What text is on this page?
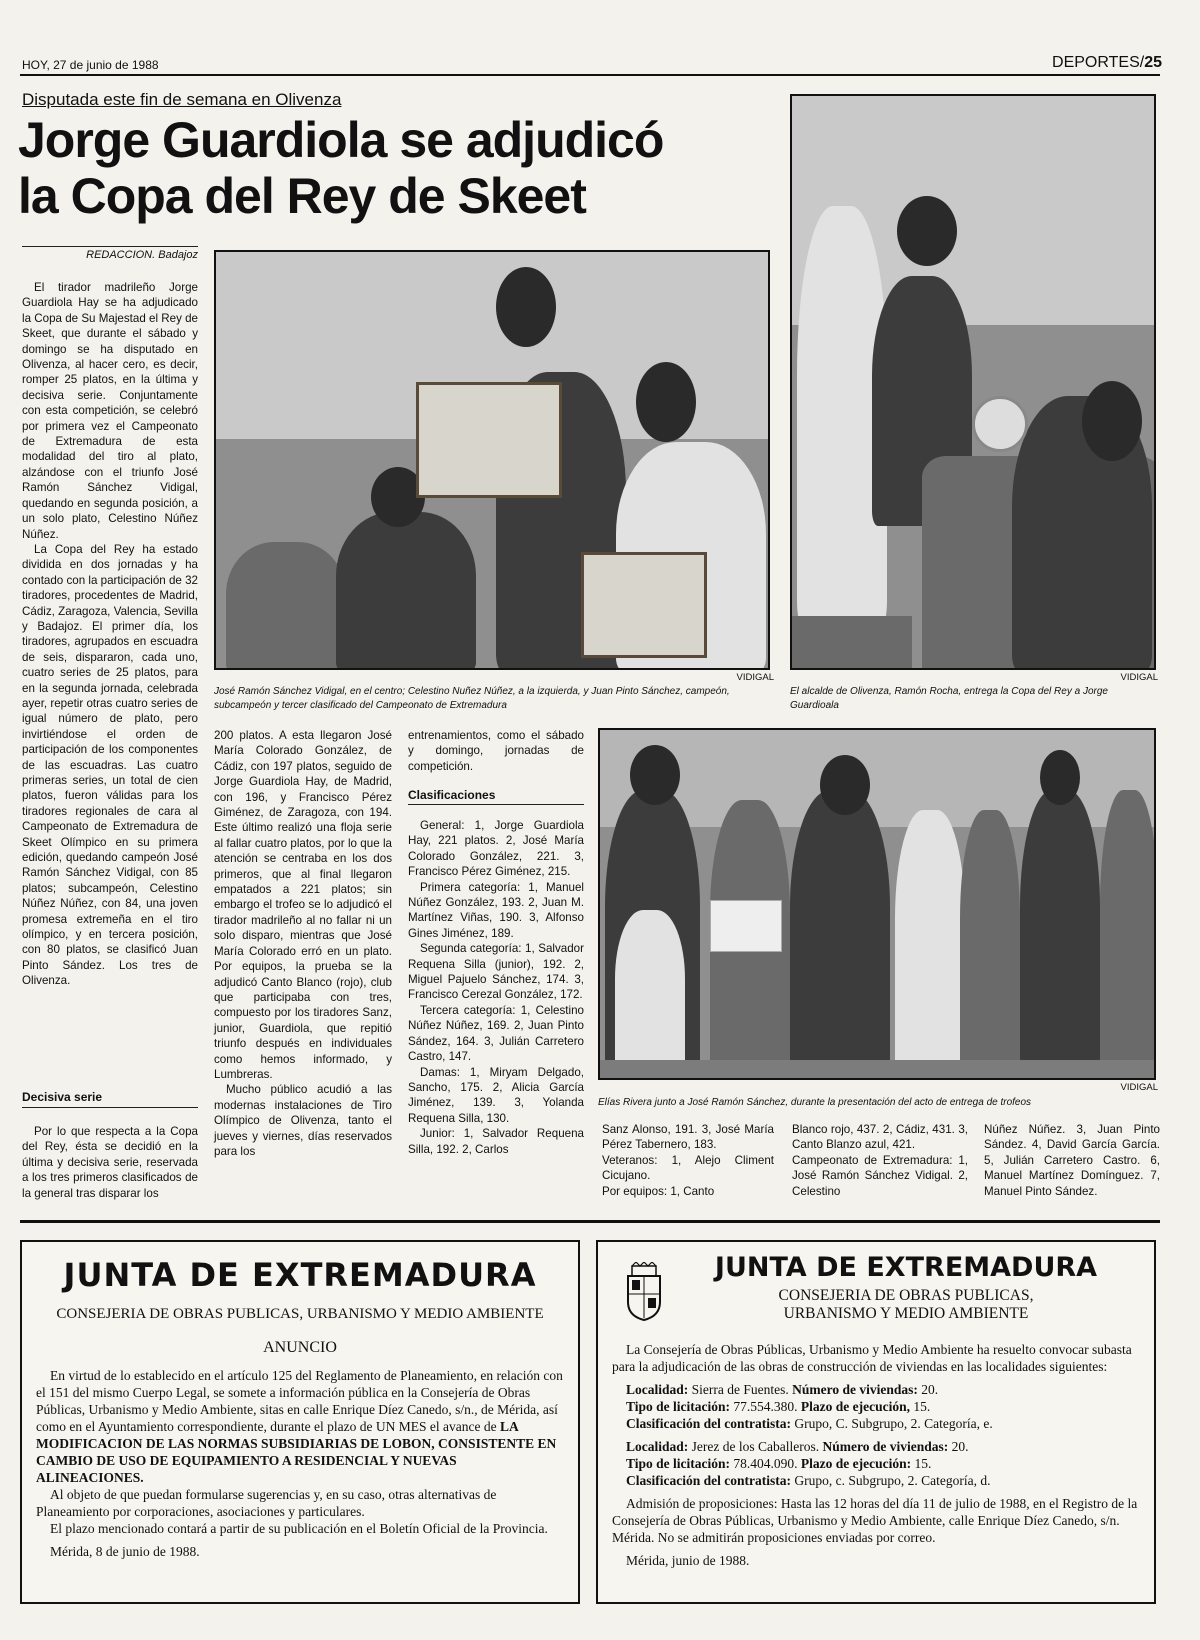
HOY, 27 de junio de 1988	DEPORTES/25
Disputada este fin de semana en Olivenza
Jorge Guardiola se adjudicó
la Copa del Rey de Skeet
REDACCION. Badajoz

El tirador madrileño Jorge Guardiola Hay se ha adjudicado la Copa de Su Majestad el Rey de Skeet, que durante el sábado y domingo se ha disputado en Olivenza, al hacer cero, es decir, romper 25 platos, en la última y decisiva serie. Conjuntamente con esta competición, se celebró por primera vez el Campeonato de Extremadura de esta modalidad del tiro al plato, alzándose con el triunfo José Ramón Sánchez Vidigal, quedando en segunda posición, a un solo plato, Celestino Núñez Núñez.

La Copa del Rey ha estado dividida en dos jornadas y ha contado con la participación de 32 tiradores, procedentes de Madrid, Cádiz, Zaragoza, Valencia, Sevilla y Badajoz. El primer día, los tiradores, agrupados en escuadra de seis, dispararon, cada uno, cuatro series de 25 platos, para en la segunda jornada, celebrada ayer, repetir otras cuatro series de igual número de plato, pero invirtiéndose el orden de participación de los componentes de las escuadras. Las cuatro primeras series, un total de cien platos, fueron válidas para los tiradores regionales de cara al Campeonato de Extremadura de Skeet Olímpico en su primera edición, quedando campeón José Ramón Sánchez Vidigal, con 85 platos; subcampeón, Celestino Núñez Núñez, con 84, una joven promesa extremeña en el tiro olímpico, y en tercera posición, con 80 platos, se clasificó Juan Pinto Sández. Los tres de Olivenza.

Decisiva serie

Por lo que respecta a la Copa del Rey, ésta se decidió en la última y decisiva serie, reservada a los tres primeros clasificados de la general tras disparar los

VIDIGAL
José Ramón Sánchez Vidigal, en el centro; Celestino Nuñez Núñez, a la izquierda, y Juan Pinto Sánchez, campeón, subcampeón y tercer clasificado del Campeonato de Extremadura
VIDIGAL
El alcalde de Olivenza, Ramón Rocha, entrega la Copa del Rey a Jorge Guardioala

200 platos. A esta llegaron José María Colorado González, de Cádiz, con 197 platos, seguido de Jorge Guardiola Hay, de Madrid, con 196, y Francisco Pérez Giménez, de Zaragoza, con 194. Este último realizó una floja serie al fallar cuatro platos, por lo que la atención se centraba en los dos primeros, que al final llegaron empatados a 221 platos; sin embargo el trofeo se lo adjudicó el tirador madrileño al no fallar ni un solo disparo, mientras que José María Colorado erró en un plato. Por equipos, la prueba se la adjudicó Canto Blanco (rojo), club que participaba con tres, compuesto por los tiradores Sanz, junior, Guardiola, que repitió triunfo después en individuales como hemos informado, y Lumbreras.

Mucho público acudió a las modernas instalaciones de Tiro Olímpico de Olivenza, tanto el jueves y viernes, días reservados para los

entrenamientos, como el sábado y domingo, jornadas de competición.

Clasificaciones

General: 1, Jorge Guardiola Hay, 221 platos. 2, José María Colorado González, 221. 3, Francisco Pérez Giménez, 215.

Primera categoría: 1, Manuel Núñez González, 193. 2, Juan M. Martínez Viñas, 190. 3, Alfonso Gines Jiménez, 189.

Segunda categoría: 1, Salvador Requena Silla (junior), 192. 2, Miguel Pajuelo Sánchez, 174. 3, Francisco Cerezal González, 172.

Tercera categoría: 1, Celestino Núñez Núñez, 169. 2, Juan Pinto Sández, 164. 3, Julián Carretero Castro, 147.

Damas: 1, Miryam Delgado, Sancho, 175. 2, Alicia García Jiménez, 139. 3, Yolanda Requena Silla, 130.

Junior: 1, Salvador Requena Silla, 192. 2, Carlos

VIDIGAL
Elías Rivera junto a José Ramón Sánchez, durante la presentación del acto de entrega de trofeos
Sanz Alonso, 191. 3, José María Pérez Tabernero, 183.
Veteranos: 1, Alejo Climent Cicujano.
Por equipos: 1, Canto
Blanco rojo, 437. 2, Cádiz, 431. 3, Canto Blanzo azul, 421.
Campeonato de Extremadura: 1, José Ramón Sánchez Vidigal. 2, Celestino
Núñez Núñez. 3, Juan Pinto Sández. 4, David García García. 5, Julián Carretero Castro. 6, Manuel Martínez Domínguez. 7, Manuel Pinto Sández.
JUNTA DE EXTREMADURA
CONSEJERIA DE OBRAS PUBLICAS, URBANISMO Y MEDIO AMBIENTE
ANUNCIO

En virtud de lo establecido en el artículo 125 del Reglamento de Planeamiento, en relación con el 151 del mismo Cuerpo Legal, se somete a información pública en la Consejería de Obras Públicas, Urbanismo y Medio Ambiente, sitas en calle Enrique Díez Canedo, s/n., de Mérida, así como en el Ayuntamiento correspondiente, durante el plazo de UN MES el avance de LA MODIFICACION DE LAS NORMAS SUBSIDIARIAS DE LOBON, CONSISTENTE EN CAMBIO DE USO DE EQUIPAMIENTO A RESIDENCIAL Y NUEVAS ALINEACIONES.

Al objeto de que puedan formularse sugerencias y, en su caso, otras alternativas de Planeamiento por corporaciones, asociaciones y particulares.

El plazo mencionado contará a partir de su publicación en el Boletín Oficial de la Provincia.

Mérida, 8 de junio de 1988.

JUNTA DE EXTREMADURA
CONSEJERIA DE OBRAS PUBLICAS,
URBANISMO Y MEDIO AMBIENTE

La Consejería de Obras Públicas, Urbanismo y Medio Ambiente ha resuelto convocar subasta para la adjudicación de las obras de construcción de viviendas en las localidades siguientes:

Localidad: Sierra de Fuentes. Número de viviendas: 20.

Tipo de licitación: 77.554.380. Plazo de ejecución, 15.

Clasificación del contratista: Grupo, C. Subgrupo, 2. Categoría, e.

Localidad: Jerez de los Caballeros. Número de viviendas: 20.

Tipo de licitación: 78.404.090. Plazo de ejecución: 15.

Clasificación del contratista: Grupo, c. Subgrupo, 2. Categoría, d.

Admisión de proposiciones: Hasta las 12 horas del día 11 de julio de 1988, en el Registro de la Consejería de Obras Públicas, Urbanismo y Medio Ambiente, calle Enrique Díez Canedo, s/n. Mérida. No se admitirán proposiciones enviadas por correo.

Mérida, junio de 1988.
